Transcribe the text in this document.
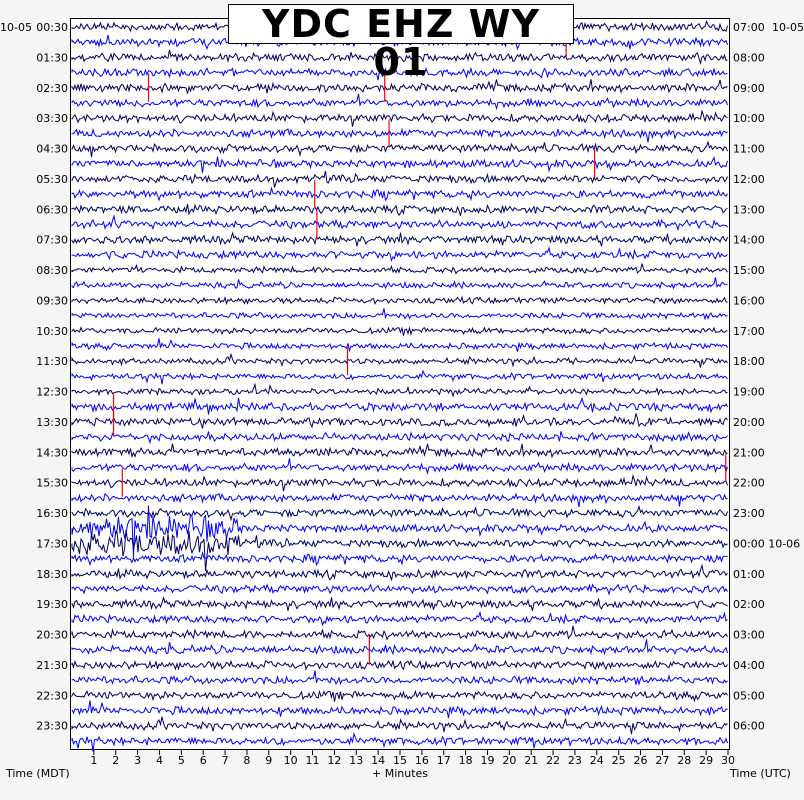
1 2 3 4 5 6 7 8 9 10 11 12 13 14 15 16 17 18 19 20 21 22 23 24 25 26 27 28 29 30
00:30
01:30
02:30
03:30
04:30
05:30
06:30
07:30
08:30
09:30
10:30
11:30
12:30
13:30
14:30
15:30
16:30
17:30
18:30
19:30
20:30
21:30
22:30
23:30
07:00
08:00
09:00
10:00
11:00
12:00
13:00
14:00
15:00
16:00
17:00
18:00
19:00
20:00
21:00
22:00
23:00
00:00 10-06
01:00
02:00
03:00
04:00
05:00
06:00
YDC EHZ WY 01
10-05	10-05
Time (MDT)	+ Minutes	Time (UTC)
